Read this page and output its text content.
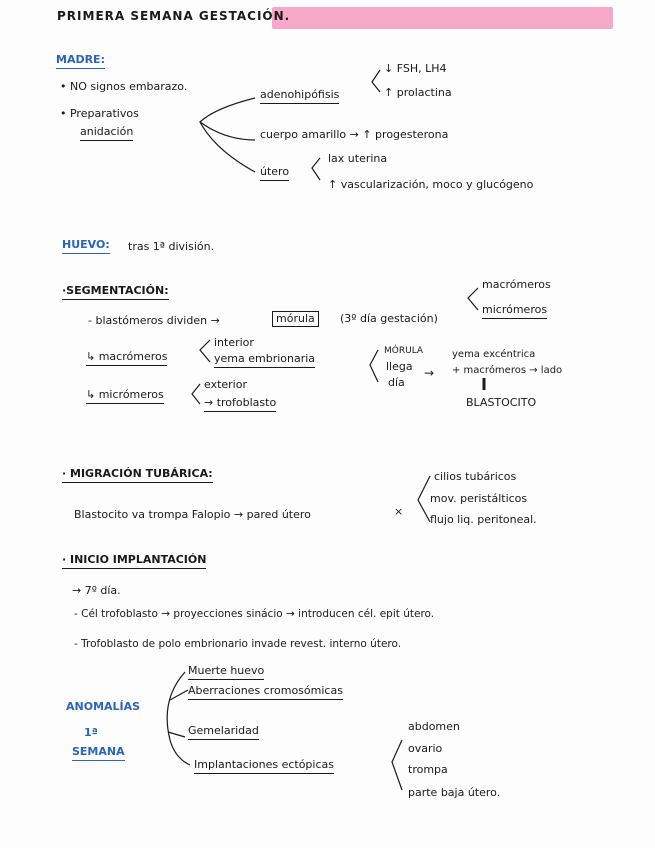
PRIMERA SEMANA GESTACIÓN.
MADRE:
• NO signos embarazo.
• Preparativos
anidación
adenohipófisis
↓ FSH, LH4
↑ prolactina
cuerpo amarillo → ↑ progesterona
útero
lax uterina
↑ vascularización, moco y glucógeno
HUEVO: tras 1ª división.
·SEGMENTACIÓN:
- blastómeros dividen →	mórula	(3º día gestación)
macrómeros
micrómeros
↳ macrómeros
interior
yema embrionaria
MÓRULA
llega
día
→
yema excéntrica
+ macrómeros → lado
BLASTOCITO
↳ micrómeros
exterior
→ trofoblasto
· MIGRACIÓN TUBÁRICA:
Blastocito va trompa Falopio → pared útero	×
cilios tubáricos
mov. peristálticos
flujo liq. peritoneal.
· INICIO IMPLANTACIÓN
→ 7º día.
- Cél trofoblasto → proyecciones sinácio → introducen cél. epit útero.
- Trofoblasto de polo embrionario invade revest. interno útero.
ANOMALÍAS
1ª
SEMANA
Muerte huevo
Aberraciones cromosómicas
Gemelaridad
Implantaciones ectópicas
abdomen
ovario
trompa
parte baja útero.
